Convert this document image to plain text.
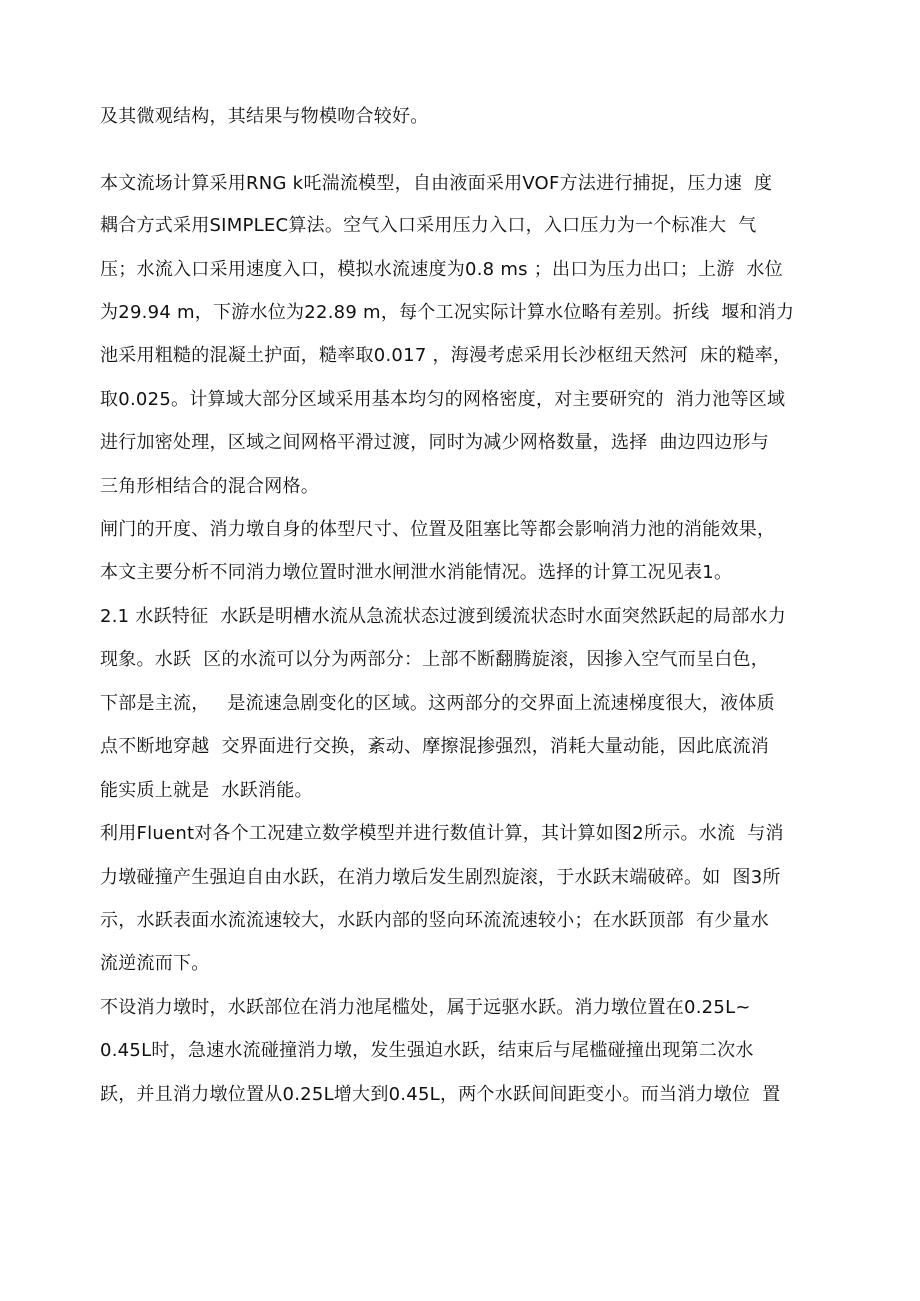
及其微观结构，其结果与物模吻合较好。
本文流场计算采用RNG k吒湍流模型，自由液面采用VOF方法进行捕捉，压力速  度
耦合方式采用SIMPLEC算法。空气入口采用压力入口，入口压力为一个标准大  气
压；水流入口采用速度入口，模拟水流速度为0.8 ms ；出口为压力出口；上游  水位
为29.94 m，下游水位为22.89 m，每个工况实际计算水位略有差别。折线  堰和消力
池采用粗糙的混凝土护面，糙率取0.017 ，海漫考虑采用长沙枢纽天然河  床的糙率，
取0.025。计算域大部分区域采用基本均匀的网格密度，对主要研究的  消力池等区域
进行加密处理，区域之间网格平滑过渡，同时为减少网格数量，选择  曲边四边形与
三角形相结合的混合网格。
闸门的开度、消力墩自身的体型尺寸、位置及阻塞比等都会影响消力池的消能效果，
本文主要分析不同消力墩位置时泄水闸泄水消能情况。选择的计算工况见表1。
2.1 水跃特征  水跃是明槽水流从急流状态过渡到缓流状态时水面突然跃起的局部水力
现象。水跃  区的水流可以分为两部分：上部不断翻腾旋滚，因掺入空气而呈白色，
下部是主流，   是流速急剧变化的区域。这两部分的交界面上流速梯度很大，液体质
点不断地穿越  交界面进行交换，紊动、摩擦混掺强烈，消耗大量动能，因此底流消
能实质上就是  水跃消能。
利用Fluent对各个工况建立数学模型并进行数值计算，其计算如图2所示。水流  与消
力墩碰撞产生强迫自由水跃，在消力墩后发生剧烈旋滚，于水跃末端破碎。如  图3所
示，水跃表面水流流速较大，水跃内部的竖向环流流速较小；在水跃顶部  有少量水
流逆流而下。
不设消力墩时，水跃部位在消力池尾槛处，属于远驱水跃。消力墩位置在0.25L~
0.45L时，急速水流碰撞消力墩，发生强迫水跃，结束后与尾槛碰撞出现第二次水
跃，并且消力墩位置从0.25L增大到0.45L，两个水跃间间距变小。而当消力墩位  置
